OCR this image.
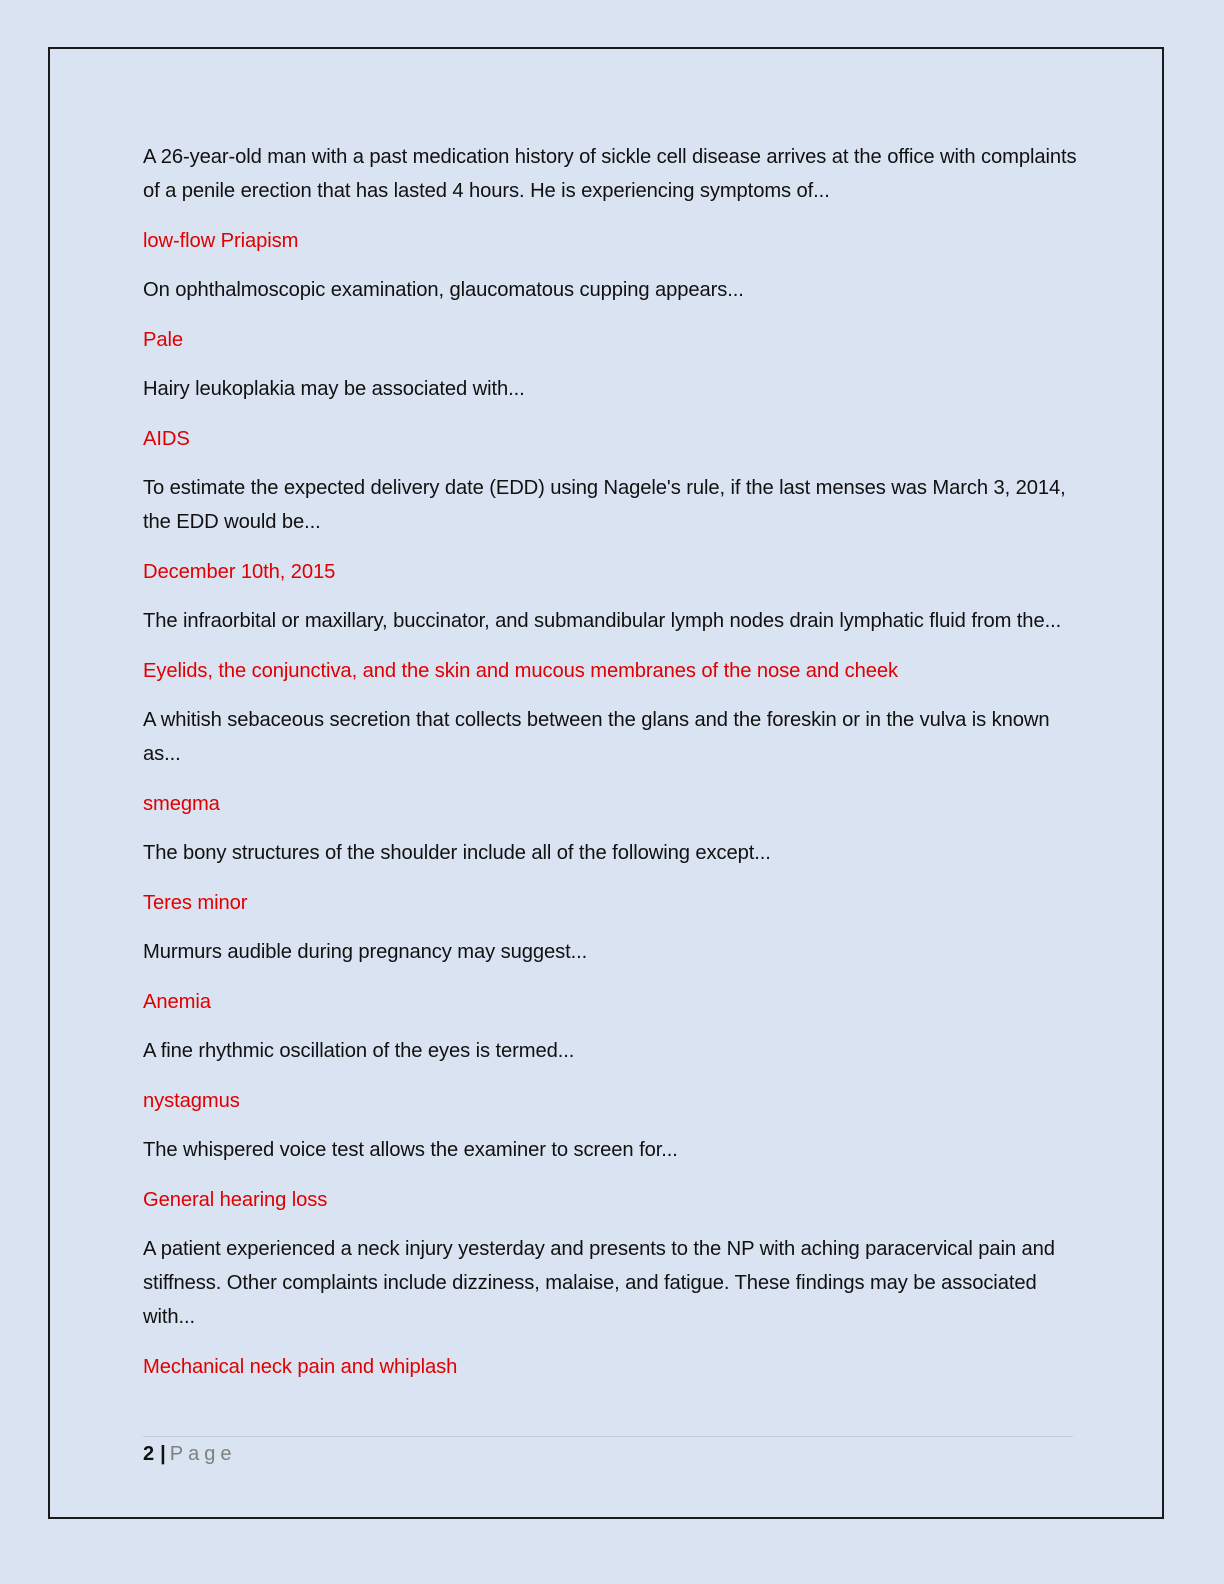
A 26-year-old man with a past medication history of sickle cell disease arrives at the office with complaints of a penile erection that has lasted 4 hours. He is experiencing symptoms of...

low-flow Priapism

On ophthalmoscopic examination, glaucomatous cupping appears...

Pale

Hairy leukoplakia may be associated with...

AIDS

To estimate the expected delivery date (EDD) using Nagele's rule, if the last menses was March 3, 2014, the EDD would be...

December 10th, 2015

The infraorbital or maxillary, buccinator, and submandibular lymph nodes drain lymphatic fluid from the...

Eyelids, the conjunctiva, and the skin and mucous membranes of the nose and cheek

A whitish sebaceous secretion that collects between the glans and the foreskin or in the vulva is known as...

smegma

The bony structures of the shoulder include all of the following except...

Teres minor

Murmurs audible during pregnancy may suggest...

Anemia

A fine rhythmic oscillation of the eyes is termed...

nystagmus

The whispered voice test allows the examiner to screen for...

General hearing loss

A patient experienced a neck injury yesterday and presents to the NP with aching paracervical pain and stiffness. Other complaints include dizziness, malaise, and fatigue. These findings may be associated with...

Mechanical neck pain and whiplash

2 | Page
